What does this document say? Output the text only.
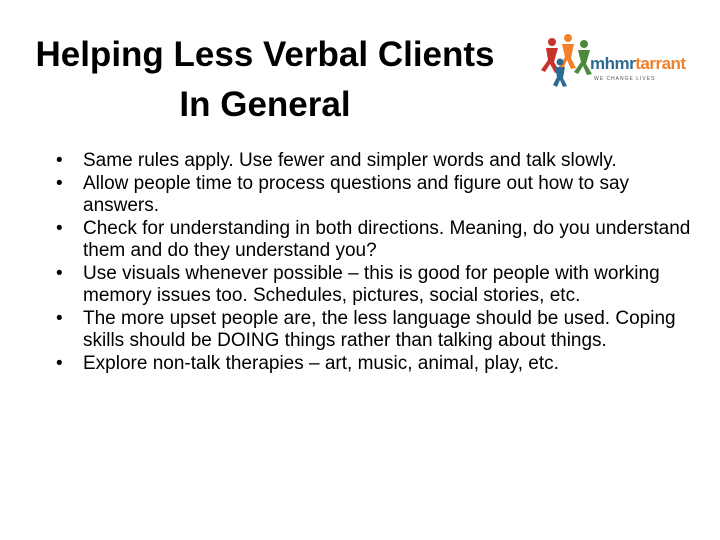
Helping Less Verbal Clients
In General
mhmrtarrant
WE CHANGE LIVES
• Same rules apply. Use fewer and simpler words and talk slowly.
• Allow people time to process questions and figure out how to say answers.
• Check for understanding in both directions. Meaning, do you understand them and do they understand you?
• Use visuals whenever possible – this is good for people with working memory issues too. Schedules, pictures, social stories, etc.
• The more upset people are, the less language should be used. Coping skills should be DOING things rather than talking about things.
• Explore non-talk therapies – art, music, animal, play, etc.
